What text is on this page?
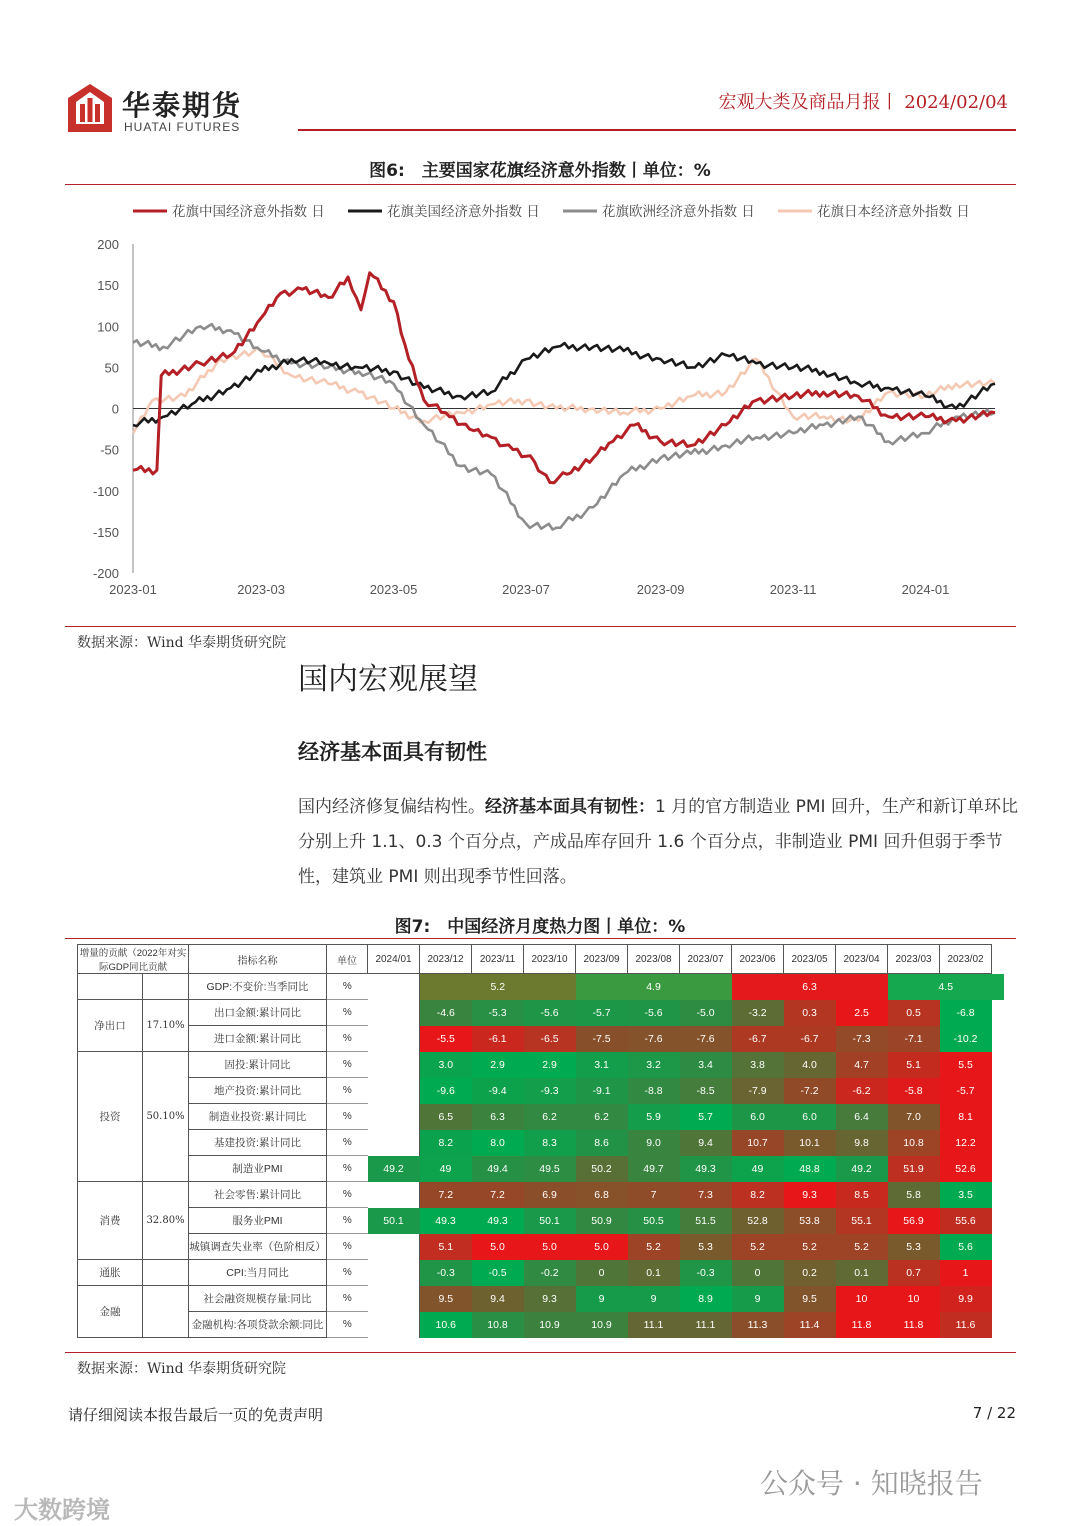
华泰期货
HUATAI FUTURES
宏观大类及商品月报丨 2024/02/04
图6:　主要国家花旗经济意外指数丨单位：%
花旗中国经济意外指数 日	花旗美国经济意外指数 日	花旗欧洲经济意外指数 日	花旗日本经济意外指数 日
200
150
100
50
0
-50
-100
-150
-200
2023-01	2023-03	2023-05	2023-07	2023-09	2023-11	2024-01
数据来源：Wind 华泰期货研究院
国内宏观展望
经济基本面具有韧性
国内经济修复偏结构性。经济基本面具有韧性：1 月的官方制造业 PMI 回升，生产和新订单环比分别上升 1.1、0.3 个百分点，产成品库存回升 1.6 个百分点，非制造业 PMI 回升但弱于季节性，建筑业 PMI 则出现季节性回落。
图7:　中国经济月度热力图丨单位：%
增量的贡献（2022年对实际GDP同比贡献		指标名称	单位	2024/01	2023/12	2023/11	2023/10	2023/09	2023/08	2023/07	2023/06	2023/05	2023/04	2023/03	2023/02
		GDP:不变价:当季同比	%		5.2			4.9			6.3			4.5	
净出口	17.10%	出口金额:累计同比	%		-4.6	-5.3	-5.6	-5.7	-5.6	-5.0	-3.2	0.3	2.5	0.5	-6.8
		进口金额:累计同比	%		-5.5	-6.1	-6.5	-7.5	-7.6	-7.6	-6.7	-6.7	-7.3	-7.1	-10.2
投资	50.10%	固投:累计同比	%		3.0	2.9	2.9	3.1	3.2	3.4	3.8	4.0	4.7	5.1	5.5
		地产投资:累计同比	%		-9.6	-9.4	-9.3	-9.1	-8.8	-8.5	-7.9	-7.2	-6.2	-5.8	-5.7
		制造业投资:累计同比	%		6.5	6.3	6.2	6.2	5.9	5.7	6.0	6.0	6.4	7.0	8.1
		基建投资:累计同比	%		8.2	8.0	8.3	8.6	9.0	9.4	10.7	10.1	9.8	10.8	12.2
		制造业PMI	%	49.2	49	49.4	49.5	50.2	49.7	49.3	49	48.8	49.2	51.9	52.6
消费	32.80%	社会零售:累计同比	%		7.2	7.2	6.9	6.8	7	7.3	8.2	9.3	8.5	5.8	3.5
		服务业PMI	%	50.1	49.3	49.3	50.1	50.9	50.5	51.5	52.8	53.8	55.1	56.9	55.6
		城镇调查失业率（色阶相反）	%		5.1	5.0	5.0	5.0	5.2	5.3	5.2	5.2	5.2	5.3	5.6
通胀		CPI:当月同比	%		-0.3	-0.5	-0.2	0	0.1	-0.3	0	0.2	0.1	0.7	1
金融		社会融资规模存量:同比	%		9.5	9.4	9.3	9	9	8.9	9	9.5	10	10	9.9
		金融机构:各项贷款余额:同比	%		10.6	10.8	10.9	10.9	11.1	11.1	11.3	11.4	11.8	11.8	11.6
数据来源：Wind 华泰期货研究院
请仔细阅读本报告最后一页的免责声明	7 / 22
公众号 · 知晓报告
大数跨境
